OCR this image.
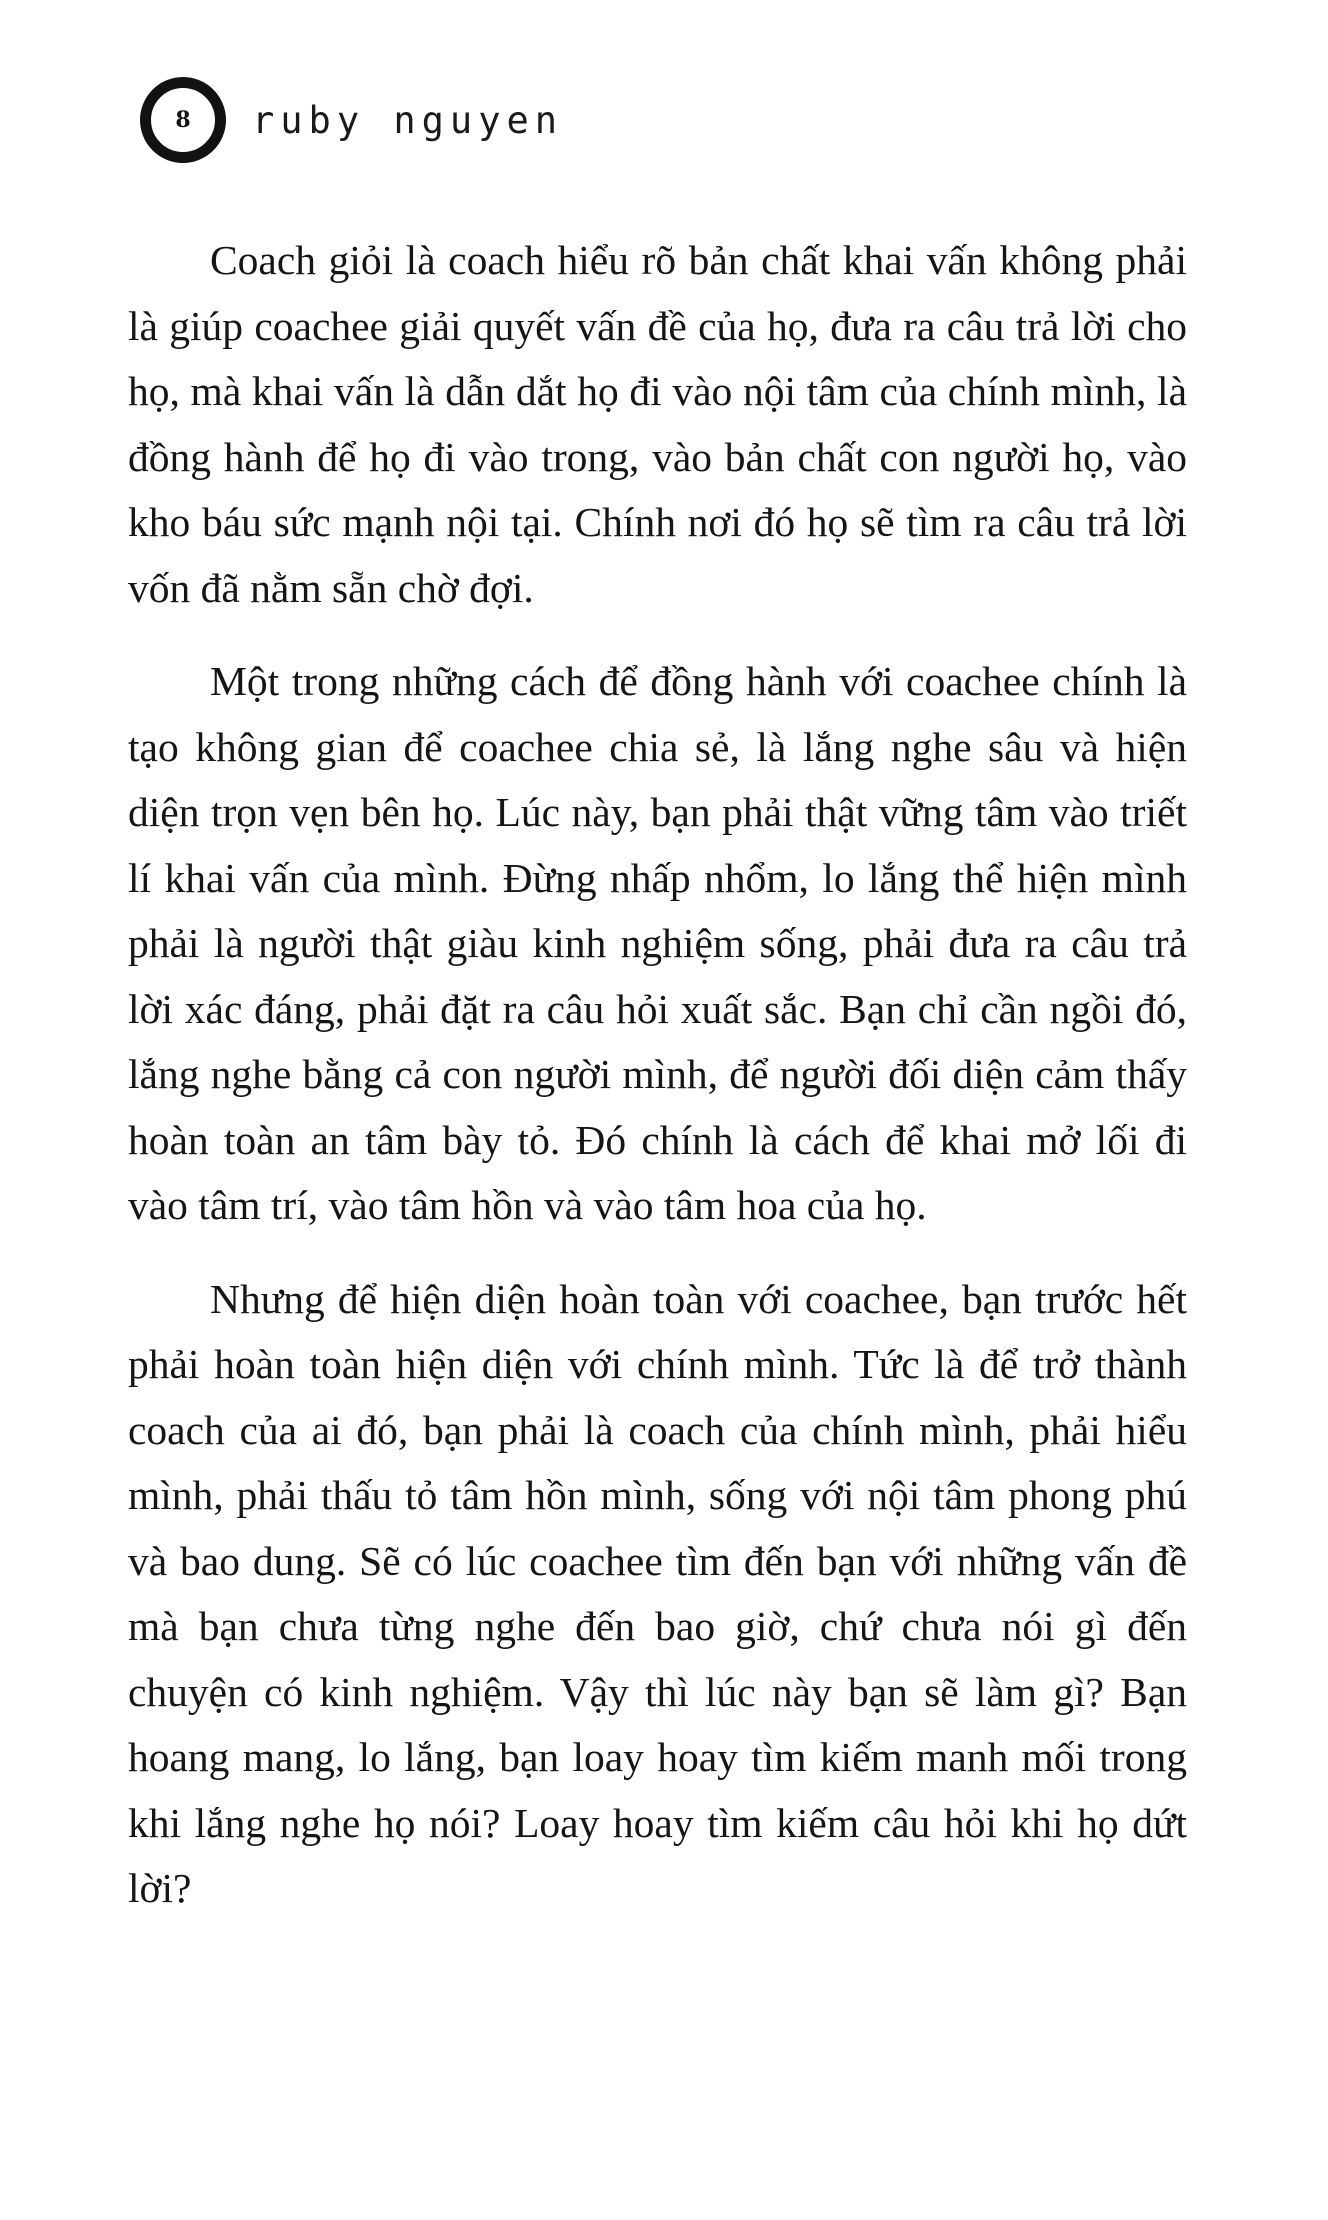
8 ruby nguyen

Coach giỏi là coach hiểu rõ bản chất khai vấn không phải là giúp coachee giải quyết vấn đề của họ, đưa ra câu trả lời cho họ, mà khai vấn là dẫn dắt họ đi vào nội tâm của chính mình, là đồng hành để họ đi vào trong, vào bản chất con người họ, vào kho báu sức mạnh nội tại. Chính nơi đó họ sẽ tìm ra câu trả lời vốn đã nằm sẵn chờ đợi.

Một trong những cách để đồng hành với coachee chính là tạo không gian để coachee chia sẻ, là lắng nghe sâu và hiện diện trọn vẹn bên họ. Lúc này, bạn phải thật vững tâm vào triết lí khai vấn của mình. Đừng nhấp nhổm, lo lắng thể hiện mình phải là người thật giàu kinh nghiệm sống, phải đưa ra câu trả lời xác đáng, phải đặt ra câu hỏi xuất sắc. Bạn chỉ cần ngồi đó, lắng nghe bằng cả con người mình, để người đối diện cảm thấy hoàn toàn an tâm bày tỏ. Đó chính là cách để khai mở lối đi vào tâm trí, vào tâm hồn và vào tâm hoa của họ.

Nhưng để hiện diện hoàn toàn với coachee, bạn trước hết phải hoàn toàn hiện diện với chính mình. Tức là để trở thành coach của ai đó, bạn phải là coach của chính mình, phải hiểu mình, phải thấu tỏ tâm hồn mình, sống với nội tâm phong phú và bao dung. Sẽ có lúc coachee tìm đến bạn với những vấn đề mà bạn chưa từng nghe đến bao giờ, chứ chưa nói gì đến chuyện có kinh nghiệm. Vậy thì lúc này bạn sẽ làm gì? Bạn hoang mang, lo lắng, bạn loay hoay tìm kiếm manh mối trong khi lắng nghe họ nói? Loay hoay tìm kiếm câu hỏi khi họ dứt lời?
